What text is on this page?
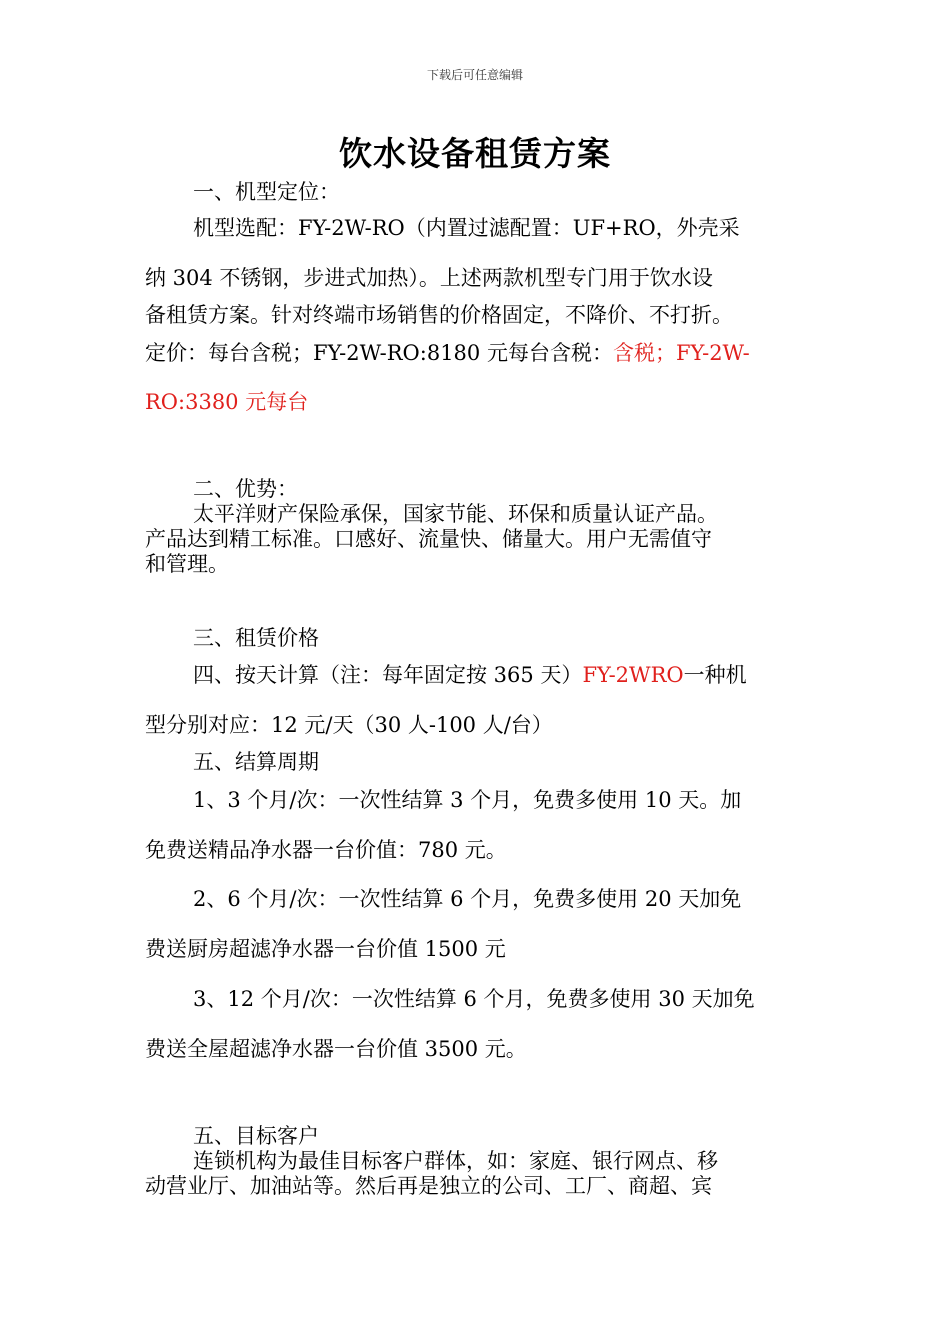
下载后可任意编辑
饮水设备租赁方案
一、机型定位：
机型选配：FY-2W-RO（内置过滤配置：UF+RO，外壳采
纳 304 不锈钢，步进式加热）。上述两款机型专门用于饮水设
备租赁方案。针对终端市场销售的价格固定，不降价、不打折。
定价：每台含税；FY-2W-RO:8180 元每台含税：含税；FY-2W-
RO:3380 元每台
二、优势：
太平洋财产保险承保，国家节能、环保和质量认证产品。
产品达到精工标准。口感好、流量快、储量大。用户无需值守
和管理。
三、租赁价格
四、按天计算（注：每年固定按 365 天）FY-2WRO一种机
型分别对应：12 元/天（30 人-100 人/台）
五、结算周期
1、3 个月/次：一次性结算 3 个月，免费多使用 10 天。加
免费送精品净水器一台价值：780 元。
2、6 个月/次：一次性结算 6 个月，免费多使用 20 天加免
费送厨房超滤净水器一台价值 1500 元
3、12 个月/次：一次性结算 6 个月，免费多使用 30 天加免
费送全屋超滤净水器一台价值 3500 元。
五、目标客户
连锁机构为最佳目标客户群体，如：家庭、银行网点、移
动营业厅、加油站等。然后再是独立的公司、工厂、商超、宾
